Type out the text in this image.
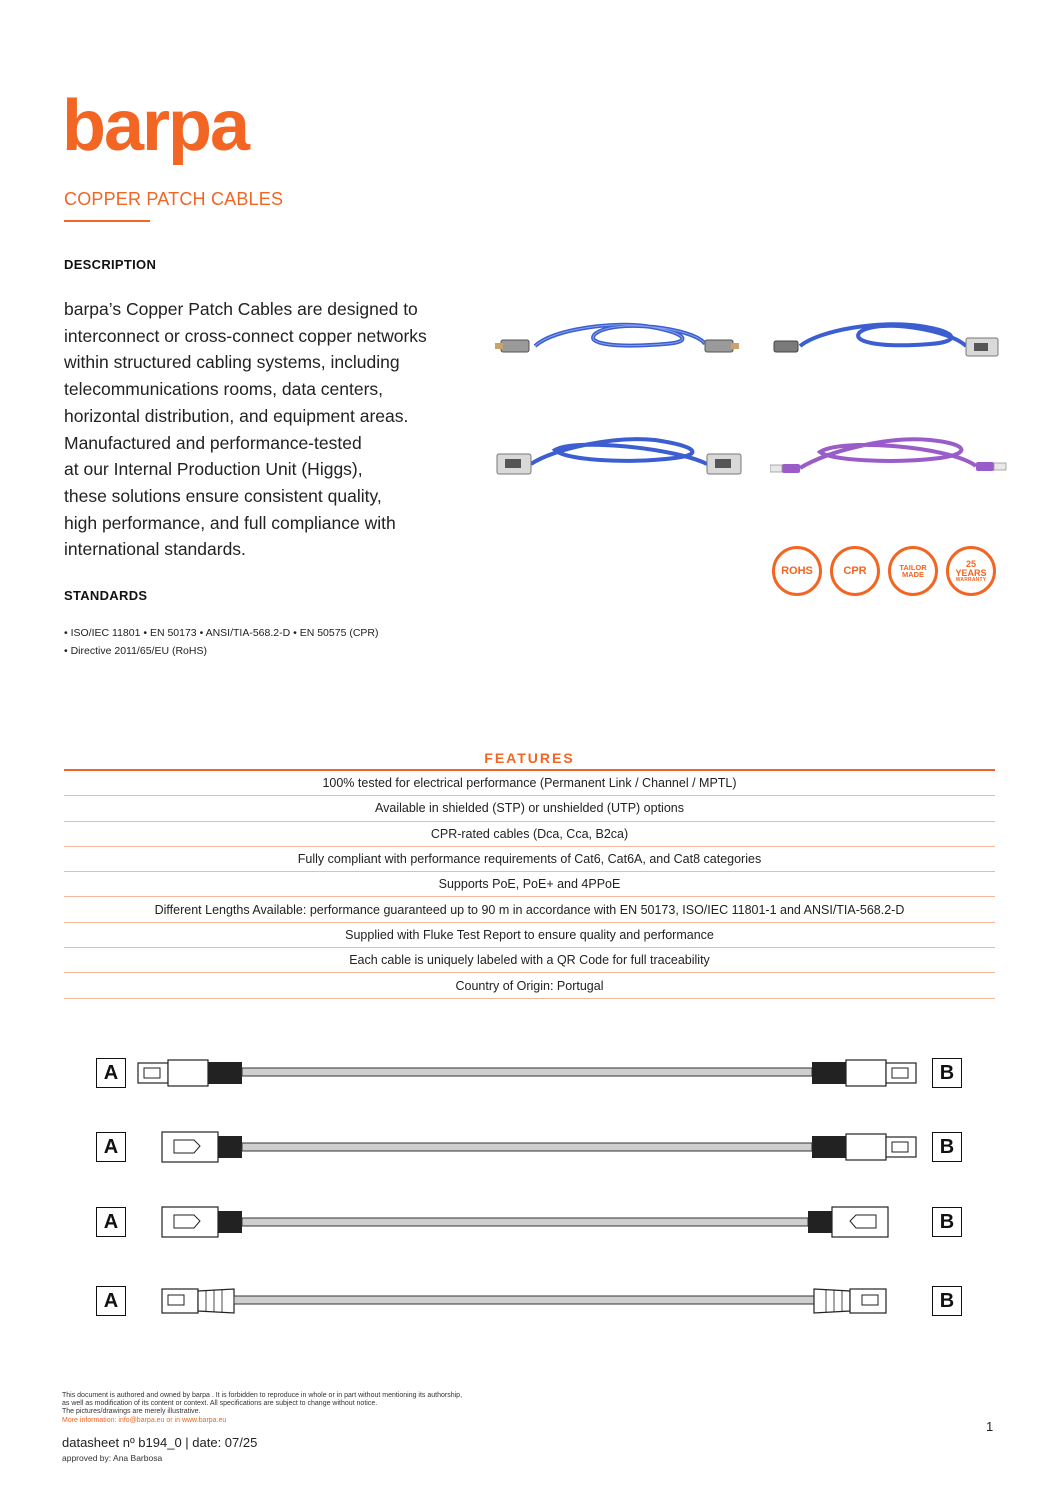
barpa
COPPER PATCH CABLES
DESCRIPTION
barpa’s Copper Patch Cables are designed to
interconnect or cross-connect copper networks
within structured cabling systems, including
telecommunications rooms, data centers,
horizontal distribution, and equipment areas.
Manufactured and performance-tested
at our Internal Production Unit (Higgs),
these solutions ensure consistent quality,
high performance, and full compliance with
international standards.
STANDARDS
• ISO/IEC 11801 • EN 50173 • ANSI/TIA-568.2-D • EN 50575 (CPR)
• Directive 2011/65/EU (RoHS)
ROHS	CPR	TAILOR
MADE
25
YEARS
WARRANTY
FEATURES
100% tested for electrical performance (Permanent Link / Channel / MPTL)
Available in shielded (STP) or unshielded (UTP) options
CPR-rated cables (Dca, Cca, B2ca)
Fully compliant with performance requirements of Cat6, Cat6A, and Cat8 categories
Supports PoE, PoE+ and 4PPoE
Different Lengths Available: performance guaranteed up to 90 m in accordance with EN 50173, ISO/IEC 11801-1 and ANSI/TIA-568.2-D
Supplied with Fluke Test Report to ensure quality and performance
Each cable is uniquely labeled with a QR Code for full traceability
Country of Origin: Portugal
A	B
A	B
A	B
A	B
This document is authored and owned by barpa . It is forbidden to reproduce in whole or in part without mentioning its authorship,
as well as modification of its content or context. All specifications are subject to change without notice.
The pictures/drawings are merely illustrative.
More information: info@barpa.eu or in www.barpa.eu
datasheet nº b194_0 | date: 07/25
approved by: Ana Barbosa
1
